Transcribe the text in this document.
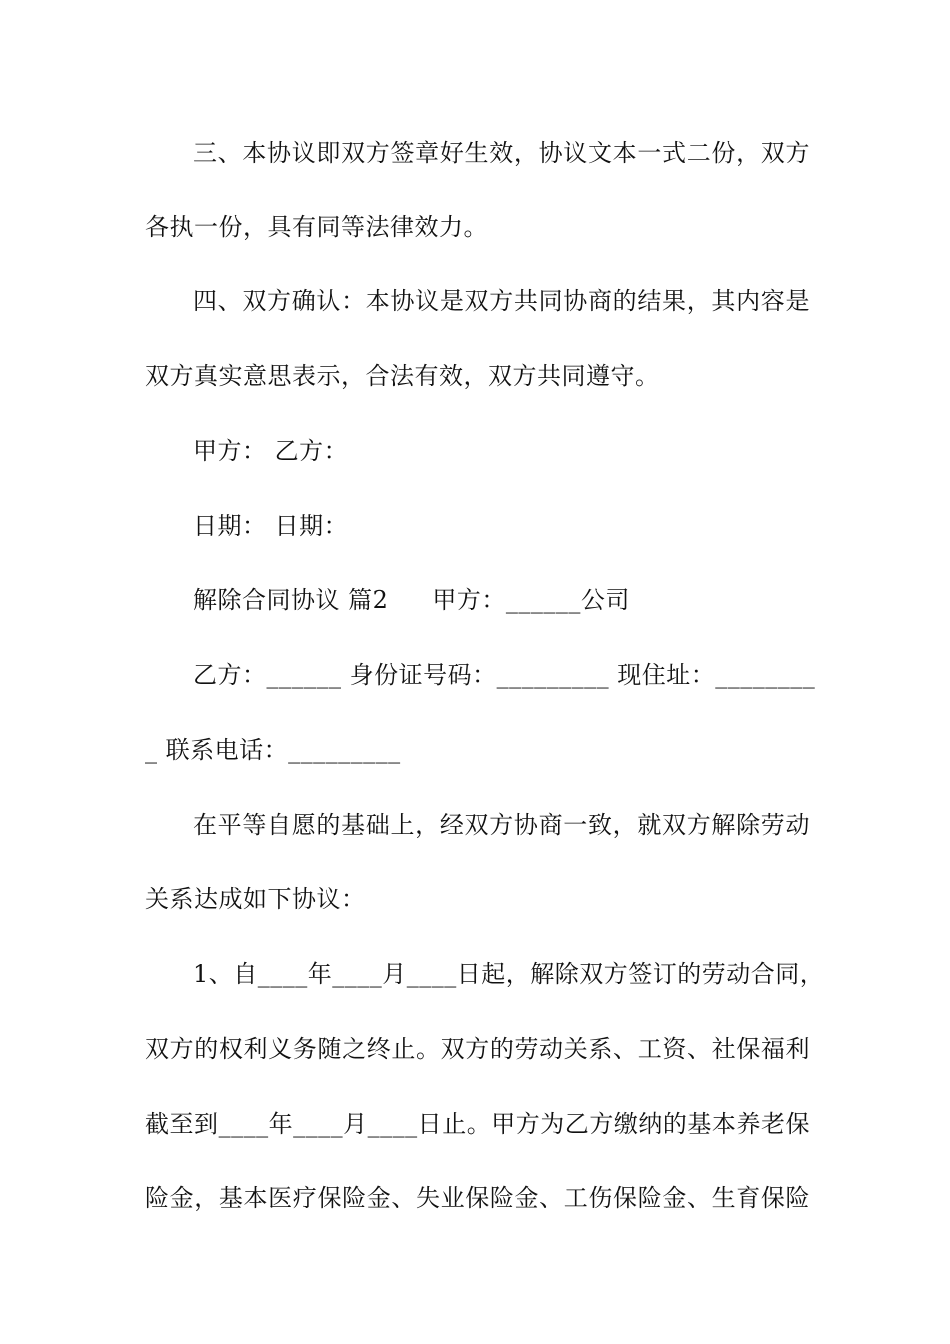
三、本协议即双方签章好生效，协议文本一式二份，双方
各执一份，具有同等法律效力。
四、双方确认：本协议是双方共同协商的结果，其内容是
双方真实意思表示，合法有效，双方共同遵守。
甲方： 乙方：
日期： 日期：
解除合同协议 篇2 甲方：______公司
乙方：______ 身份证号码：_________ 现住址：________
_ 联系电话：_________
在平等自愿的基础上，经双方协商一致，就双方解除劳动
关系达成如下协议：
1、自____年____月____日起，解除双方签订的劳动合同，
双方的权利义务随之终止。双方的劳动关系、工资、社保福利
截至到____年____月____日止。甲方为乙方缴纳的基本养老保
险金，基本医疗保险金、失业保险金、工伤保险金、生育保险
